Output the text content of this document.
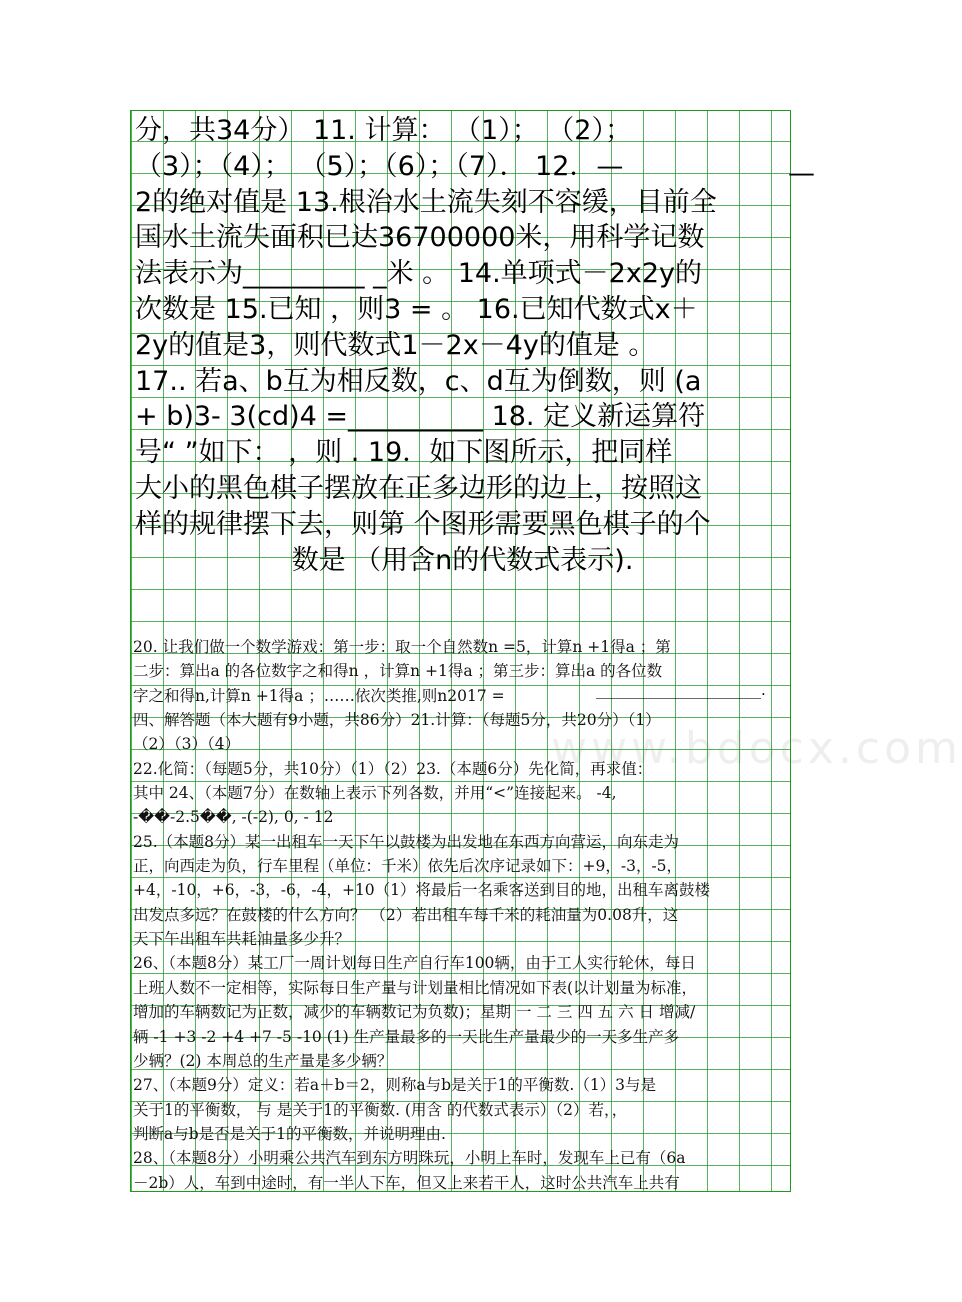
www.bdocx.com
分，共34分） 11. 计算： （1）； （2）；
（3）；（4）； （5）；（6）；（7）． 12．—
2的绝对值是 13.根治水土流失刻不容缓，目前全
国水土流失面积已达36700000米，用科学记数
法表示为_________ _米 。 14.单项式－2x2y的
次数是 15.已知 ，则3 = 。 16.已知代数式x＋
2y的值是3，则代数式1－2x－4y的值是 。
17.. 若a、b互为相反数，c、d互为倒数，则 (a
+ b)3- 3(cd)4 =__________ 18. 定义新运算符
号“ ”如下： ，则 . 19．如下图所示，把同样
大小的黑色棋子摆放在正多边形的边上，按照这
样的规律摆下去，则第 个图形需要黑色棋子的个
数是 （用含n的代数式表示).
20. 让我们做一个数学游戏：第一步：取一个自然数n =5，计算n +1得a ；第
二步：算出a 的各位数字之和得n ，计算n +1得a ；第三步：算出a 的各位数
字之和得n,计算n +1得a ；……依次类推,则n2017 =
四、解答题（本大题有9小题，共86分）21.计算：（每题5分，共20分）（1）
（2）（3）（4）
22.化简：（每题5分，共10分）（1）（2）23.（本题6分）先化简，再求值：
其中 24、（本题7分）在数轴上表示下列各数，并用“<”连接起来。 -4,
-��-2.5��, -(-2), 0, - 12
25.（本题8分）某一出租车一天下午以鼓楼为出发地在东西方向营运，向东走为
正，向西走为负，行车里程（单位：千米）依先后次序记录如下：+9，-3，-5，
+4，-10，+6，-3，-6，-4，+10（1）将最后一名乘客送到目的地，出租车离鼓楼
出发点多远？在鼓楼的什么方向？ （2）若出租车每千米的耗油量为0.08升，这
天下午出租车共耗油量多少升？
26、（本题8分）某工厂一周计划每日生产自行车100辆，由于工人实行轮休，每日
上班人数不一定相等，实际每日生产量与计划量相比情况如下表(以计划量为标准，
增加的车辆数记为正数，减少的车辆数记为负数)；星期 一 二 三 四 五 六 日 增减/
辆 -1 +3 -2 +4 +7 -5 -10 (1) 生产量最多的一天比生产量最少的一天多生产多
少辆？(2) 本周总的生产量是多少辆？
27、（本题9分）定义：若a＋b＝2，则称a与b是关于1的平衡数.（1）3与是
关于1的平衡数， 与 是关于1的平衡数. (用含 的代数式表示）（2）若，，
判断a与b是否是关于1的平衡数，并说明理由.
28、（本题8分）小明乘公共汽车到东方明珠玩，小明上车时，发现车上已有（6a
－2b）人，车到中途时，有一半人下车，但又上来若干人，这时公共汽车上共有
______________________.
—
